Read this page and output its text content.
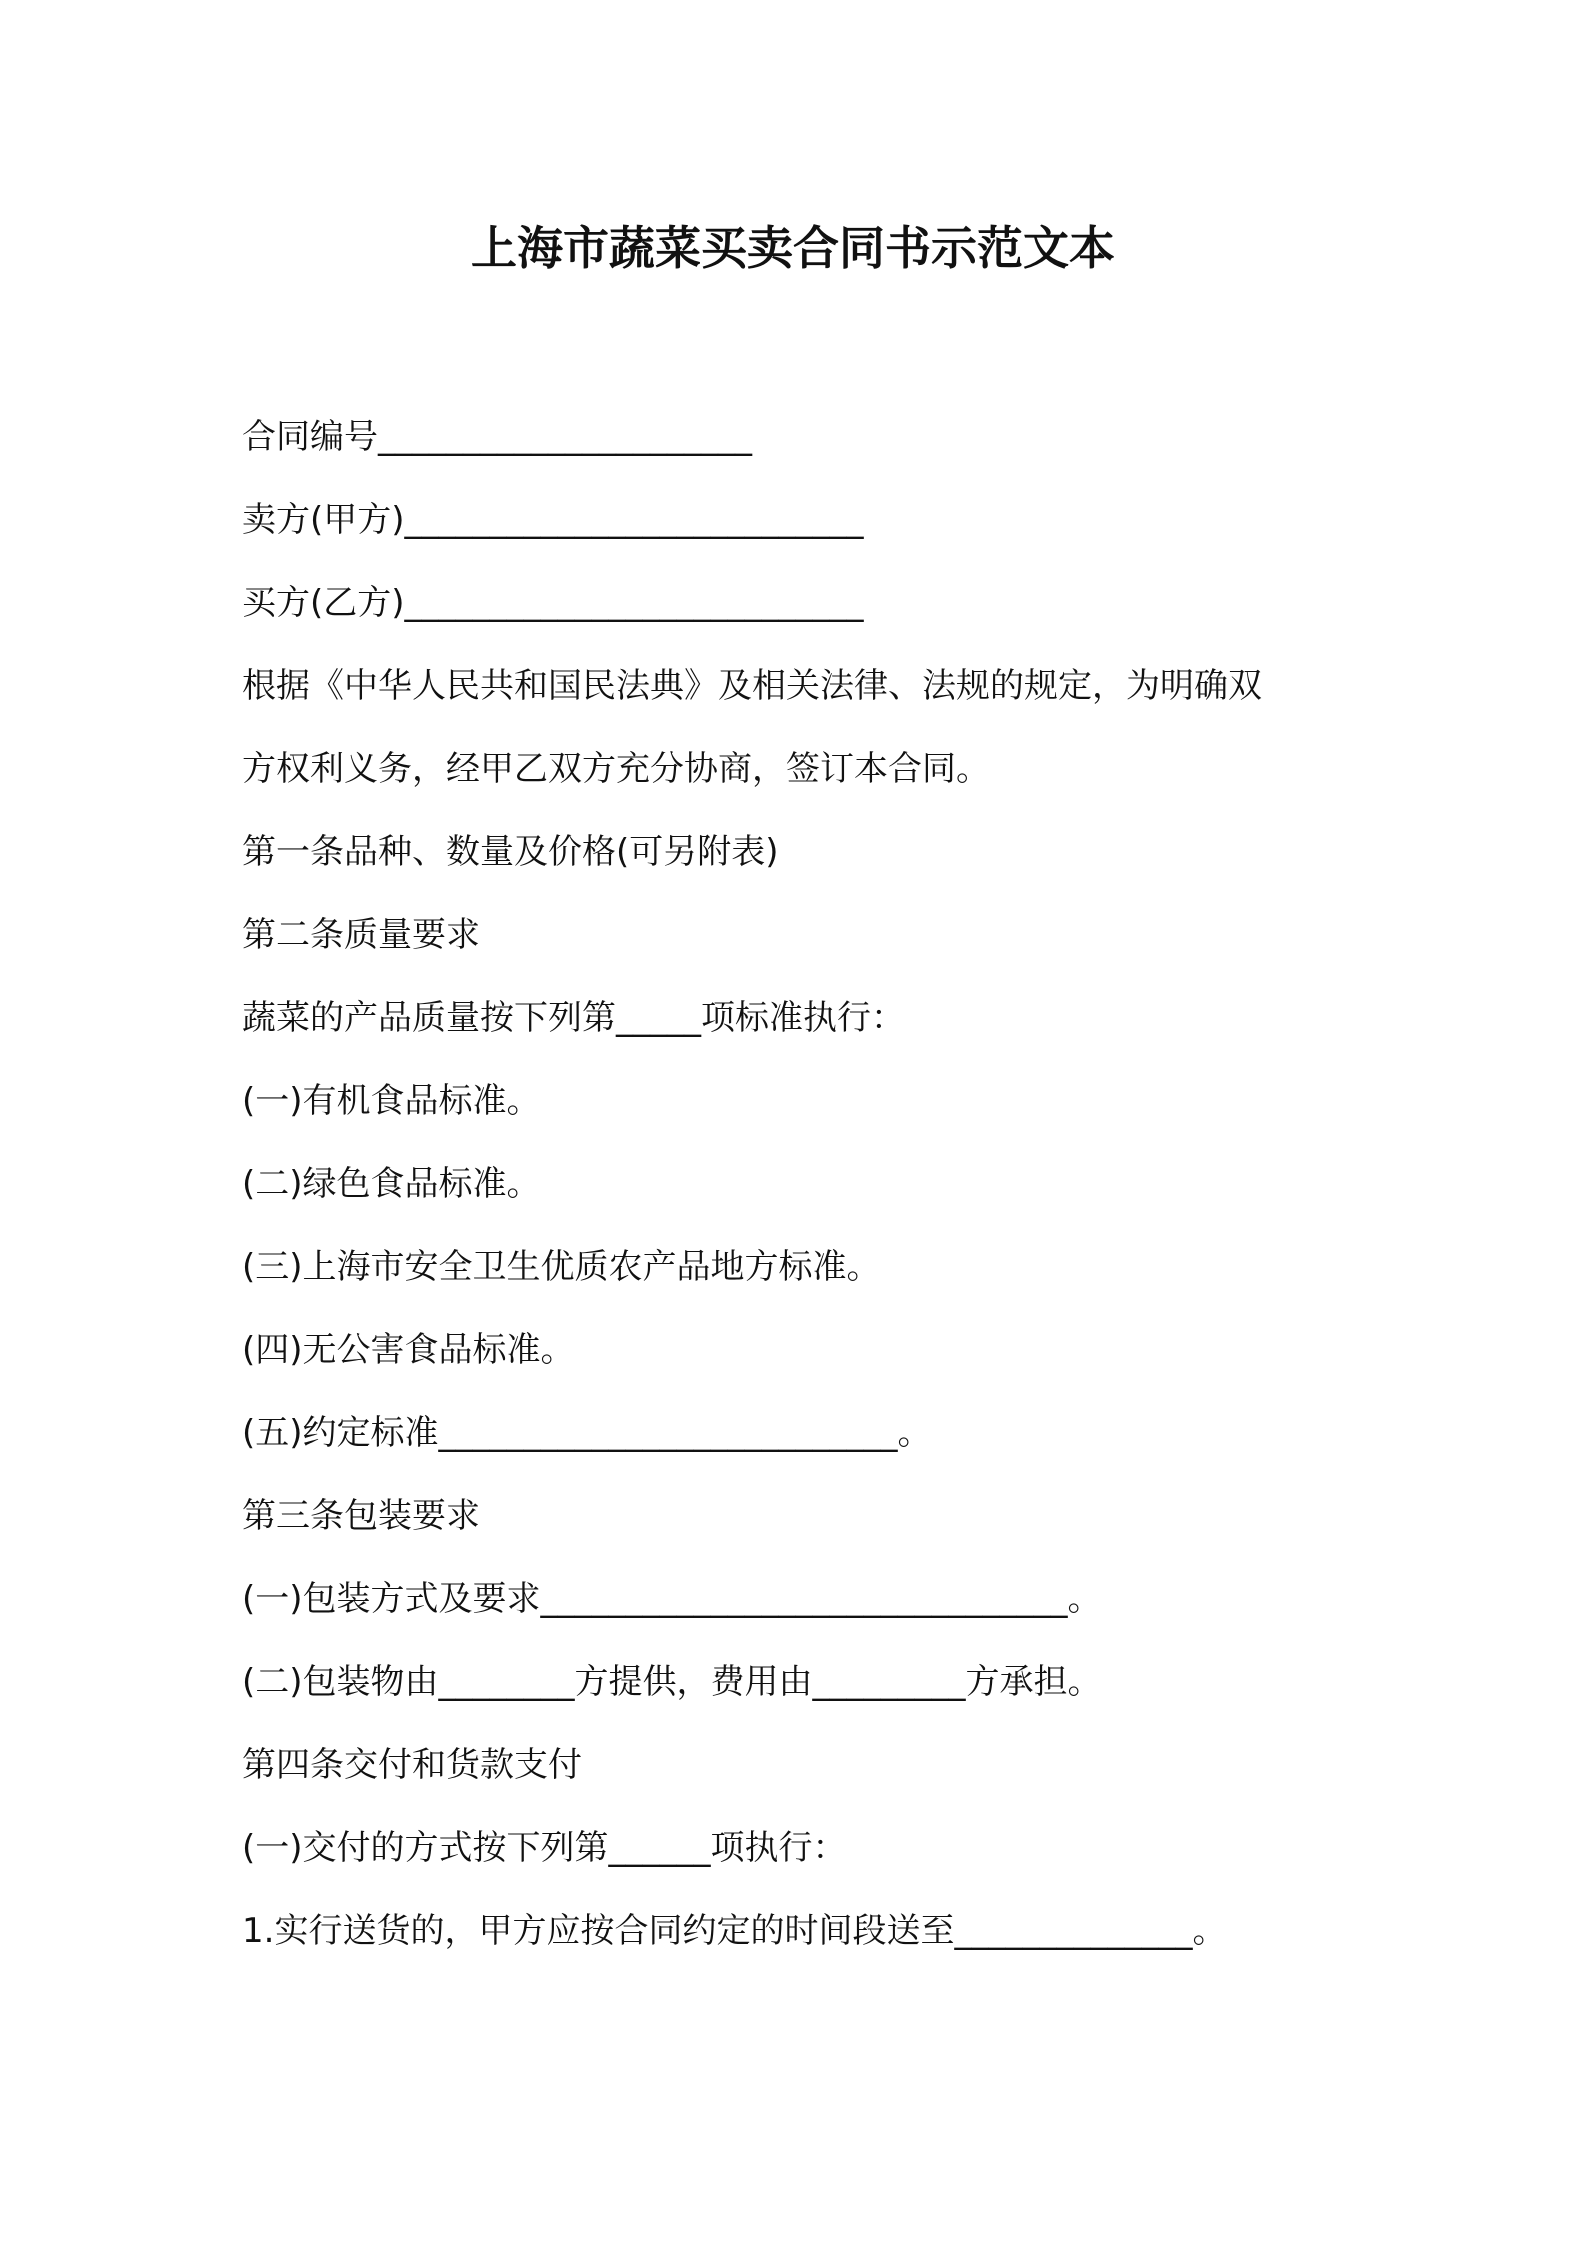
上海市蔬菜买卖合同书示范文本
合同编号______________________
卖方(甲方)___________________________
买方(乙方)___________________________
根据《中华人民共和国民法典》及相关法律、法规的规定，为明确双
方权利义务，经甲乙双方充分协商，签订本合同。
第一条品种、数量及价格(可另附表)
第二条质量要求
蔬菜的产品质量按下列第_____项标准执行：
(一)有机食品标准。
(二)绿色食品标准。
(三)上海市安全卫生优质农产品地方标准。
(四)无公害食品标准。
(五)约定标准___________________________。
第三条包装要求
(一)包装方式及要求_______________________________。
(二)包装物由________方提供，费用由_________方承担。
第四条交付和货款支付
(一)交付的方式按下列第______项执行：
1.实行送货的，甲方应按合同约定的时间段送至______________。
